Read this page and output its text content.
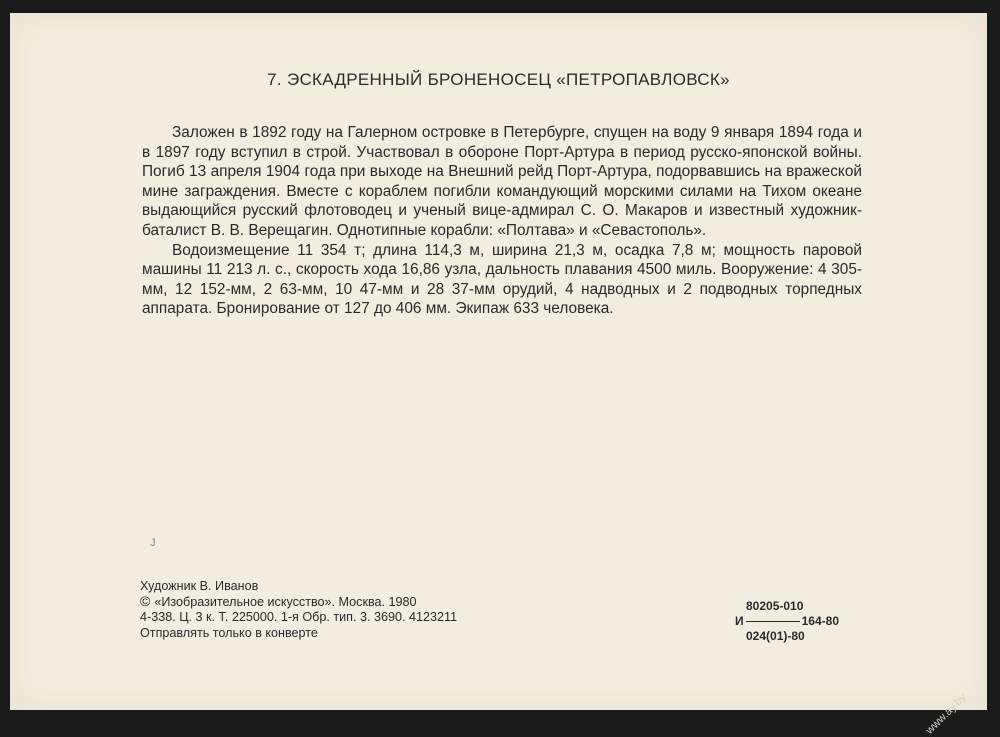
7. ЭСКАДРЕННЫЙ БРОНЕНОСЕЦ «ПЕТРОПАВЛОВСК»

Заложен в 1892 году на Галерном островке в Петербурге, спущен на воду 9 января 1894 года и в 1897 году вступил в строй. Участвовал в обороне Порт-Артура в период русско-японской войны. Погиб 13 апреля 1904 года при выходе на Внешний рейд Порт-Артура, подорвавшись на вражеской мине заграждения. Вместе с кораблем погибли командующий морскими силами на Тихом океане выдающийся русский флотоводец и ученый вице-адмирал С. О. Макаров и известный художник-баталист В. В. Верещагин. Однотипные корабли: «Полтава» и «Севастополь».

Водоизмещение 11 354 т; длина 114,3 м, ширина 21,3 м, осадка 7,8 м; мощность паровой машины 11 213 л. с., скорость хода 16,86 узла, дальность плавания 4500 миль. Вооружение: 4 305-мм, 12 152-мм, 2 63-мм, 10 47-мм и 28 37-мм орудий, 4 надводных и 2 подводных торпедных аппарата. Бронирование от 127 до 406 мм. Экипаж 633 человека.

J
Художник В. Иванов
© «Изобразительное искусство». Москва. 1980
4-338. Ц. 3 к. Т. 225000. 1-я Обр. тип. 3. 3690. 4123211
Отправлять только в конверте
80205-010
И	164-80
024(01)-80
www.ay.by
